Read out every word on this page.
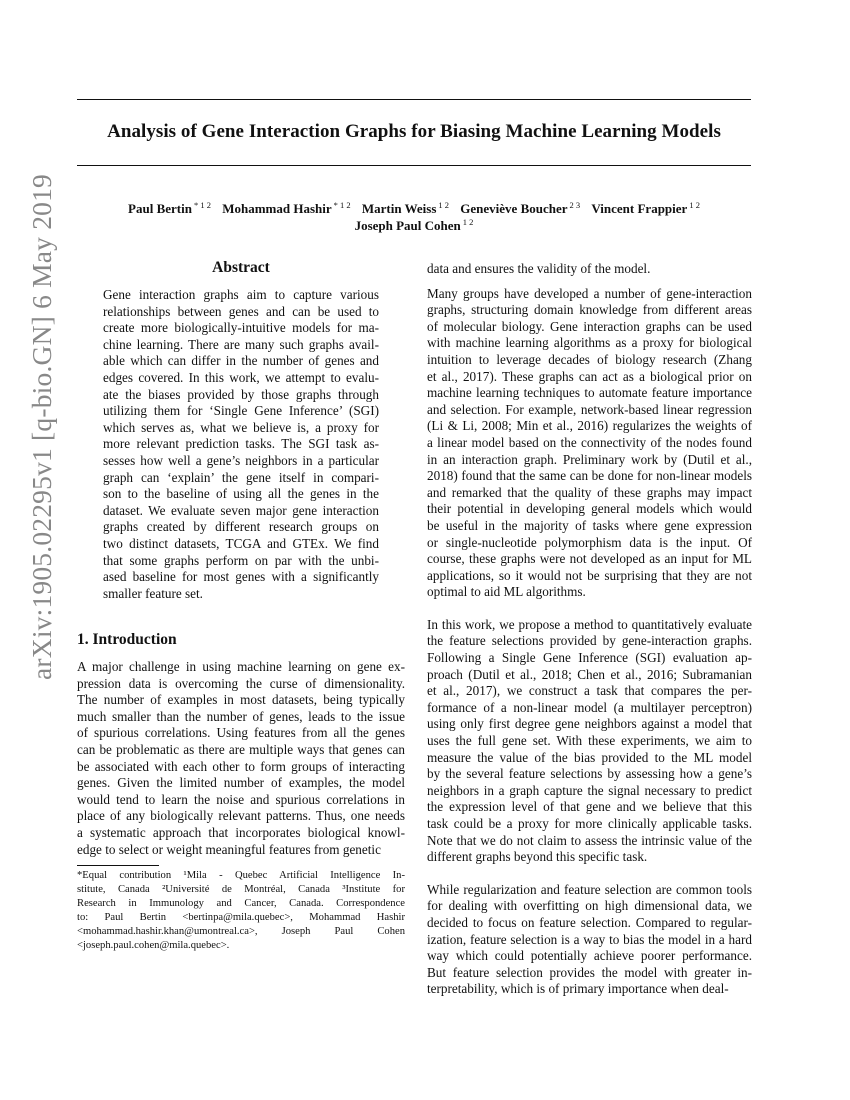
arXiv:1905.02295v1 [q-bio.GN] 6 May 2019
Analysis of Gene Interaction Graphs for Biasing Machine Learning Models
Paul Bertin $^{* 1 2}$ Mohammad Hashir $^{* 1 2}$ Martin Weiss $^{1 2}$ Geneviève Boucher $^{2 3}$ Vincent Frappier $^{1 2}$
Joseph Paul Cohen $^{1 2}$
Abstract
Gene interaction graphs aim to capture various
relationships between genes and can be used to
create more biologically-intuitive models for ma-
chine learning. There are many such graphs avail-
able which can differ in the number of genes and
edges covered. In this work, we attempt to evalu-
ate the biases provided by those graphs through
utilizing them for ‘Single Gene Inference’ (SGI)
which serves as, what we believe is, a proxy for
more relevant prediction tasks. The SGI task as-
sesses how well a gene’s neighbors in a particular
graph can ‘explain’ the gene itself in compari-
son to the baseline of using all the genes in the
dataset. We evaluate seven major gene interaction
graphs created by different research groups on
two distinct datasets, TCGA and GTEx. We find
that some graphs perform on par with the unbi-
ased baseline for most genes with a significantly
smaller feature set.
1. Introduction
A major challenge in using machine learning on gene ex-
pression data is overcoming the curse of dimensionality.
The number of examples in most datasets, being typically
much smaller than the number of genes, leads to the issue
of spurious correlations. Using features from all the genes
can be problematic as there are multiple ways that genes can
be associated with each other to form groups of interacting
genes. Given the limited number of examples, the model
would tend to learn the noise and spurious correlations in
place of any biologically relevant patterns. Thus, one needs
a systematic approach that incorporates biological knowl-
edge to select or weight meaningful features from genetic
*Equal contribution ¹Mila - Quebec Artificial Intelligence In-
stitute, Canada ²Université de Montréal, Canada ³Institute for
Research in Immunology and Cancer, Canada. Correspondence
to: Paul Bertin <bertinpa@mila.quebec>, Mohammad Hashir
<mohammad.hashir.khan@umontreal.ca>, Joseph Paul Cohen
<joseph.paul.cohen@mila.quebec>.
data and ensures the validity of the model.
Many groups have developed a number of gene-interaction
graphs, structuring domain knowledge from different areas
of molecular biology. Gene interaction graphs can be used
with machine learning algorithms as a proxy for biological
intuition to leverage decades of biology research (Zhang
et al., 2017). These graphs can act as a biological prior on
machine learning techniques to automate feature importance
and selection. For example, network-based linear regression
(Li & Li, 2008; Min et al., 2016) regularizes the weights of
a linear model based on the connectivity of the nodes found
in an interaction graph. Preliminary work by (Dutil et al.,
2018) found that the same can be done for non-linear models
and remarked that the quality of these graphs may impact
their potential in developing general models which would
be useful in the majority of tasks where gene expression
or single-nucleotide polymorphism data is the input. Of
course, these graphs were not developed as an input for ML
applications, so it would not be surprising that they are not
optimal to aid ML algorithms.
In this work, we propose a method to quantitatively evaluate
the feature selections provided by gene-interaction graphs.
Following a Single Gene Inference (SGI) evaluation ap-
proach (Dutil et al., 2018; Chen et al., 2016; Subramanian
et al., 2017), we construct a task that compares the per-
formance of a non-linear model (a multilayer perceptron)
using only first degree gene neighbors against a model that
uses the full gene set. With these experiments, we aim to
measure the value of the bias provided to the ML model
by the several feature selections by assessing how a gene’s
neighbors in a graph capture the signal necessary to predict
the expression level of that gene and we believe that this
task could be a proxy for more clinically applicable tasks.
Note that we do not claim to assess the intrinsic value of the
different graphs beyond this specific task.
While regularization and feature selection are common tools
for dealing with overfitting on high dimensional data, we
decided to focus on feature selection. Compared to regular-
ization, feature selection is a way to bias the model in a hard
way which could potentially achieve poorer performance.
But feature selection provides the model with greater in-
terpretability, which is of primary importance when deal-
